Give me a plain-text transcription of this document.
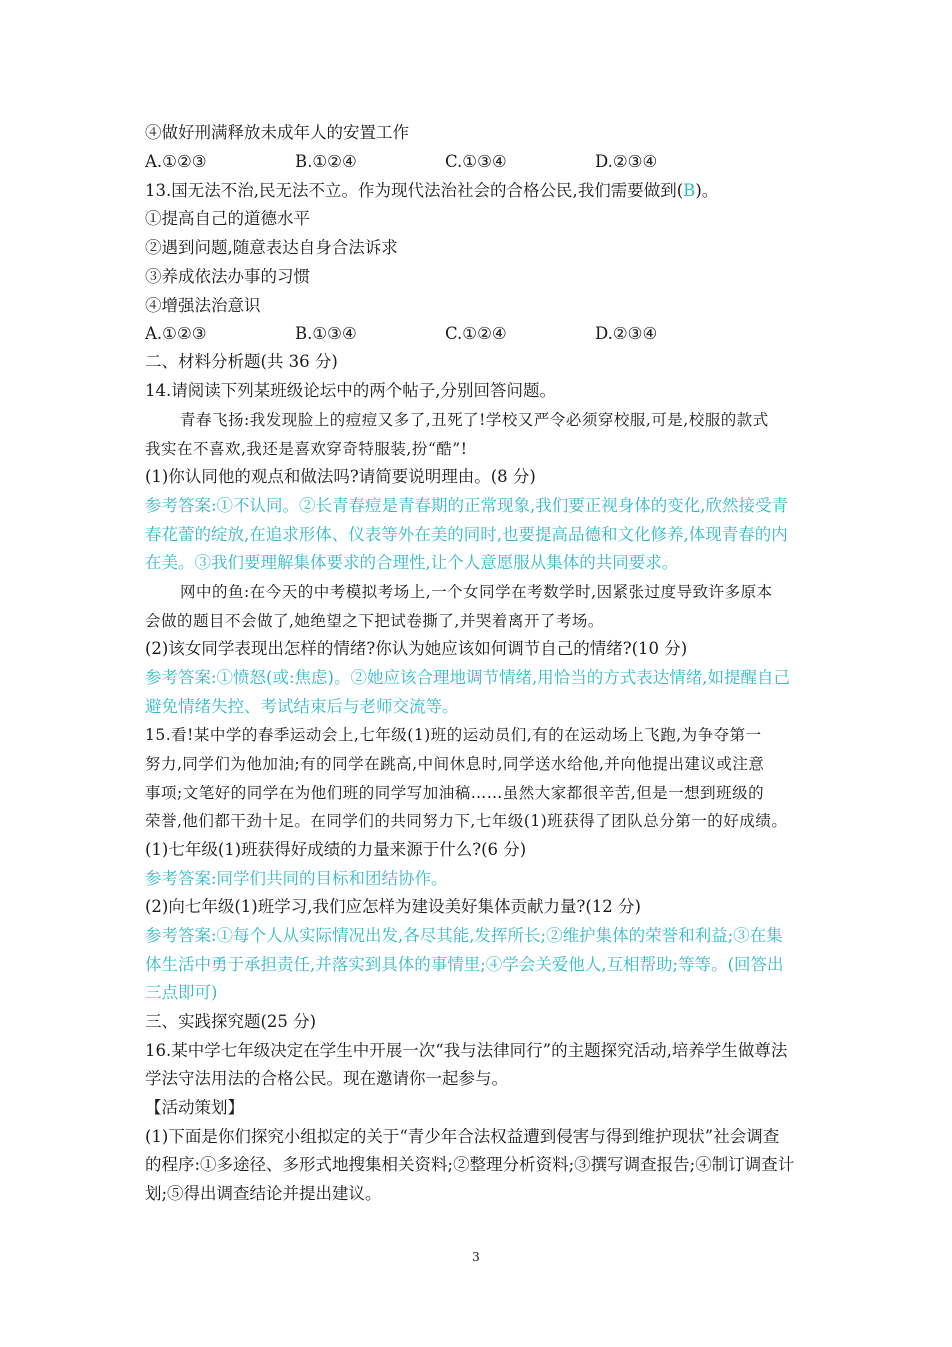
④做好刑满释放未成年人的安置工作
A.①②③	B.①②④	C.①③④	D.②③④
13.国无法不治,民无法不立。作为现代法治社会的合格公民,我们需要做到(B)。
①提高自己的道德水平
②遇到问题,随意表达自身合法诉求
③养成依法办事的习惯
④增强法治意识
A.①②③	B.①③④	C.①②④	D.②③④
二、材料分析题(共 36 分)
14.请阅读下列某班级论坛中的两个帖子,分别回答问题。
青春飞扬:我发现脸上的痘痘又多了,丑死了!学校又严令必须穿校服,可是,校服的款式
我实在不喜欢,我还是喜欢穿奇特服装,扮“酷”!
(1)你认同他的观点和做法吗?请简要说明理由。(8 分)
参考答案:①不认同。②长青春痘是青春期的正常现象,我们要正视身体的变化,欣然接受青
春花蕾的绽放,在追求形体、仪表等外在美的同时,也要提高品德和文化修养,体现青春的内
在美。③我们要理解集体要求的合理性,让个人意愿服从集体的共同要求。
网中的鱼:在今天的中考模拟考场上,一个女同学在考数学时,因紧张过度导致许多原本
会做的题目不会做了,她绝望之下把试卷撕了,并哭着离开了考场。
(2)该女同学表现出怎样的情绪?你认为她应该如何调节自己的情绪?(10 分)
参考答案:①愤怒(或:焦虑)。②她应该合理地调节情绪,用恰当的方式表达情绪,如提醒自己
避免情绪失控、考试结束后与老师交流等。
15.看!某中学的春季运动会上,七年级(1)班的运动员们,有的在运动场上飞跑,为争夺第一
努力,同学们为他加油;有的同学在跳高,中间休息时,同学送水给他,并向他提出建议或注意
事项;文笔好的同学在为他们班的同学写加油稿……虽然大家都很辛苦,但是一想到班级的
荣誉,他们都干劲十足。在同学们的共同努力下,七年级(1)班获得了团队总分第一的好成绩。
(1)七年级(1)班获得好成绩的力量来源于什么?(6 分)
参考答案:同学们共同的目标和团结协作。
(2)向七年级(1)班学习,我们应怎样为建设美好集体贡献力量?(12 分)
参考答案:①每个人从实际情况出发,各尽其能,发挥所长;②维护集体的荣誉和利益;③在集
体生活中勇于承担责任,并落实到具体的事情里;④学会关爱他人,互相帮助;等等。(回答出
三点即可)
三、实践探究题(25 分)
16.某中学七年级决定在学生中开展一次“我与法律同行”的主题探究活动,培养学生做尊法
学法守法用法的合格公民。现在邀请你一起参与。
【活动策划】
(1)下面是你们探究小组拟定的关于“青少年合法权益遭到侵害与得到维护现状”社会调查
的程序:①多途径、多形式地搜集相关资料;②整理分析资料;③撰写调查报告;④制订调查计
划;⑤得出调查结论并提出建议。
3
